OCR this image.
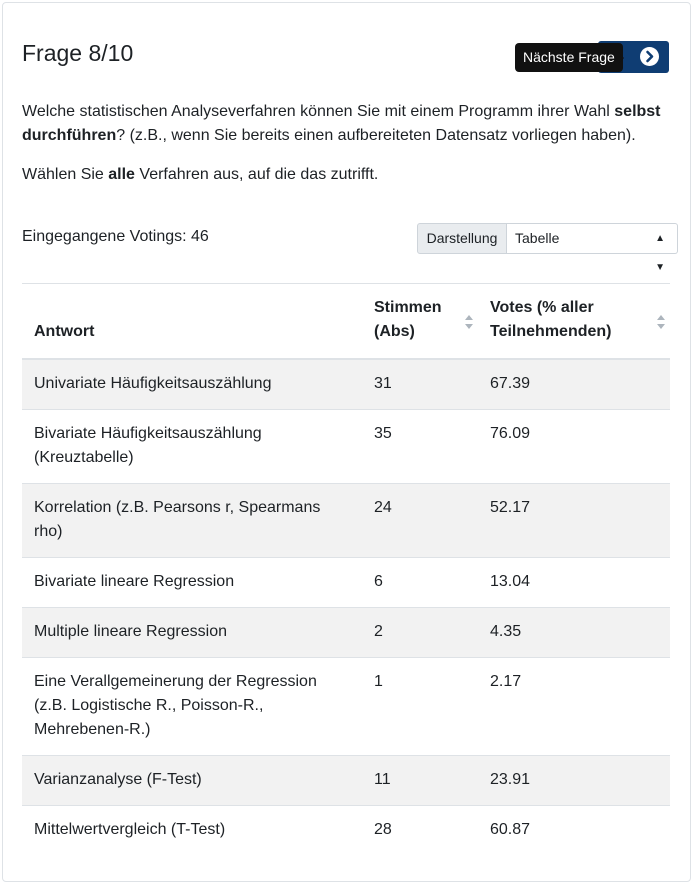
Frage 8/10	Nächste Frage

Welche statistischen Analyseverfahren können Sie mit einem Programm ihrer Wahl selbst durchführen? (z.B., wenn Sie bereits einen aufbereiteten Datensatz vorliegen haben).

Wählen Sie alle Verfahren aus, auf die das zutrifft.

Eingegangene Votings: 46	Darstellung	Tabelle	▲
▼
Antwort	Stimmen (Abs)	Votes (% aller Teilnehmenden)

Univariate Häufigkeitsauszählung	31	67.39
Bivariate Häufigkeitsauszählung (Kreuztabelle)	35	76.09
Korrelation (z.B. Pearsons r, Spearmans rho)	24	52.17
Bivariate lineare Regression	6	13.04
Multiple lineare Regression	2	4.35
Eine Verallgemeinerung der Regression (z.B. Logistische R., Poisson-R., Mehrebenen-R.)	1	2.17
Varianzanalyse (F-Test)	11	23.91
Mittelwertvergleich (T-Test)	28	60.87
